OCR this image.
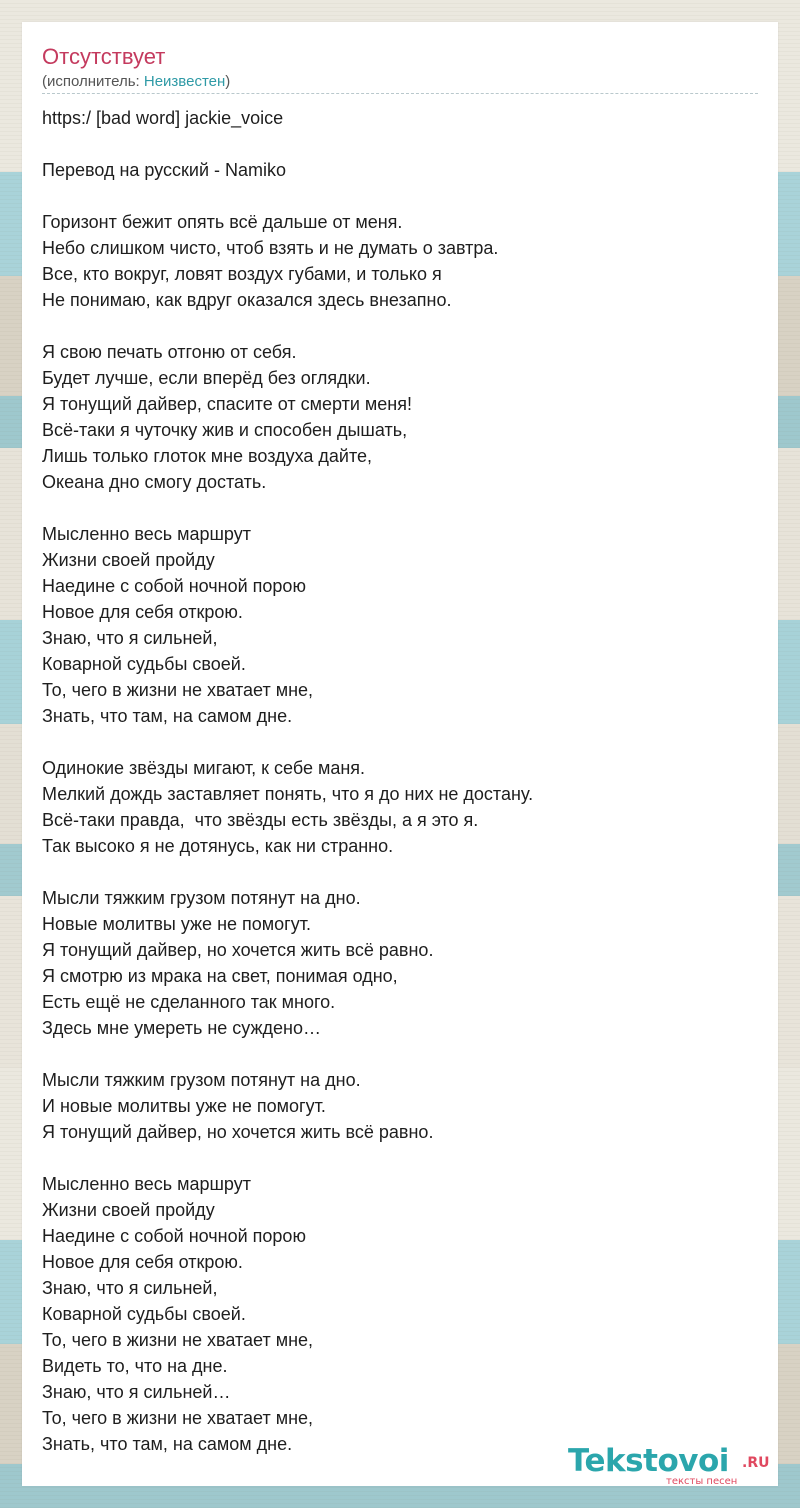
Отсутствует
(исполнитель: Неизвестен)
https:/ [bad word] jackie_voice
Перевод на русский - Namiko
Горизонт бежит опять всё дальше от меня.
Небо слишком чисто, чтоб взять и не думать о завтра.
Все, кто вокруг, ловят воздух губами, и только я
Не понимаю, как вдруг оказался здесь внезапно.
Я свою печать отгоню от себя.
Будет лучше, если вперёд без оглядки.
Я тонущий дайвер, спасите от смерти меня!
Всё-таки я чуточку жив и способен дышать,
Лишь только глоток мне воздуха дайте,
Океана дно смогу достать.
Мысленно весь маршрут
Жизни своей пройду
Наедине с собой ночной порою
Новое для себя открою.
Знаю, что я сильней,
Коварной судьбы своей.
То, чего в жизни не хватает мне,
Знать, что там, на самом дне.
Одинокие звёзды мигают, к себе маня.
Мелкий дождь заставляет понять, что я до них не достану.
Всё-таки правда,  что звёзды есть звёзды, а я это я.
Так высоко я не дотянусь, как ни странно.
Мысли тяжким грузом потянут на дно.
Новые молитвы уже не помогут.
Я тонущий дайвер, но хочется жить всё равно.
Я смотрю из мрака на свет, понимая одно,
Есть ещё не сделанного так много.
Здесь мне умереть не суждено…
Мысли тяжким грузом потянут на дно.
И новые молитвы уже не помогут.
Я тонущий дайвер, но хочется жить всё равно.
Мысленно весь маршрут
Жизни своей пройду
Наедине с собой ночной порою
Новое для себя открою.
Знаю, что я сильней,
Коварной судьбы своей.
То, чего в жизни не хватает мне,
Видеть то, что на дне.
Знаю, что я сильней…
То, чего в жизни не хватает мне,
Знать, что там, на самом дне.	Tekstovoi .RU
тексты песен
